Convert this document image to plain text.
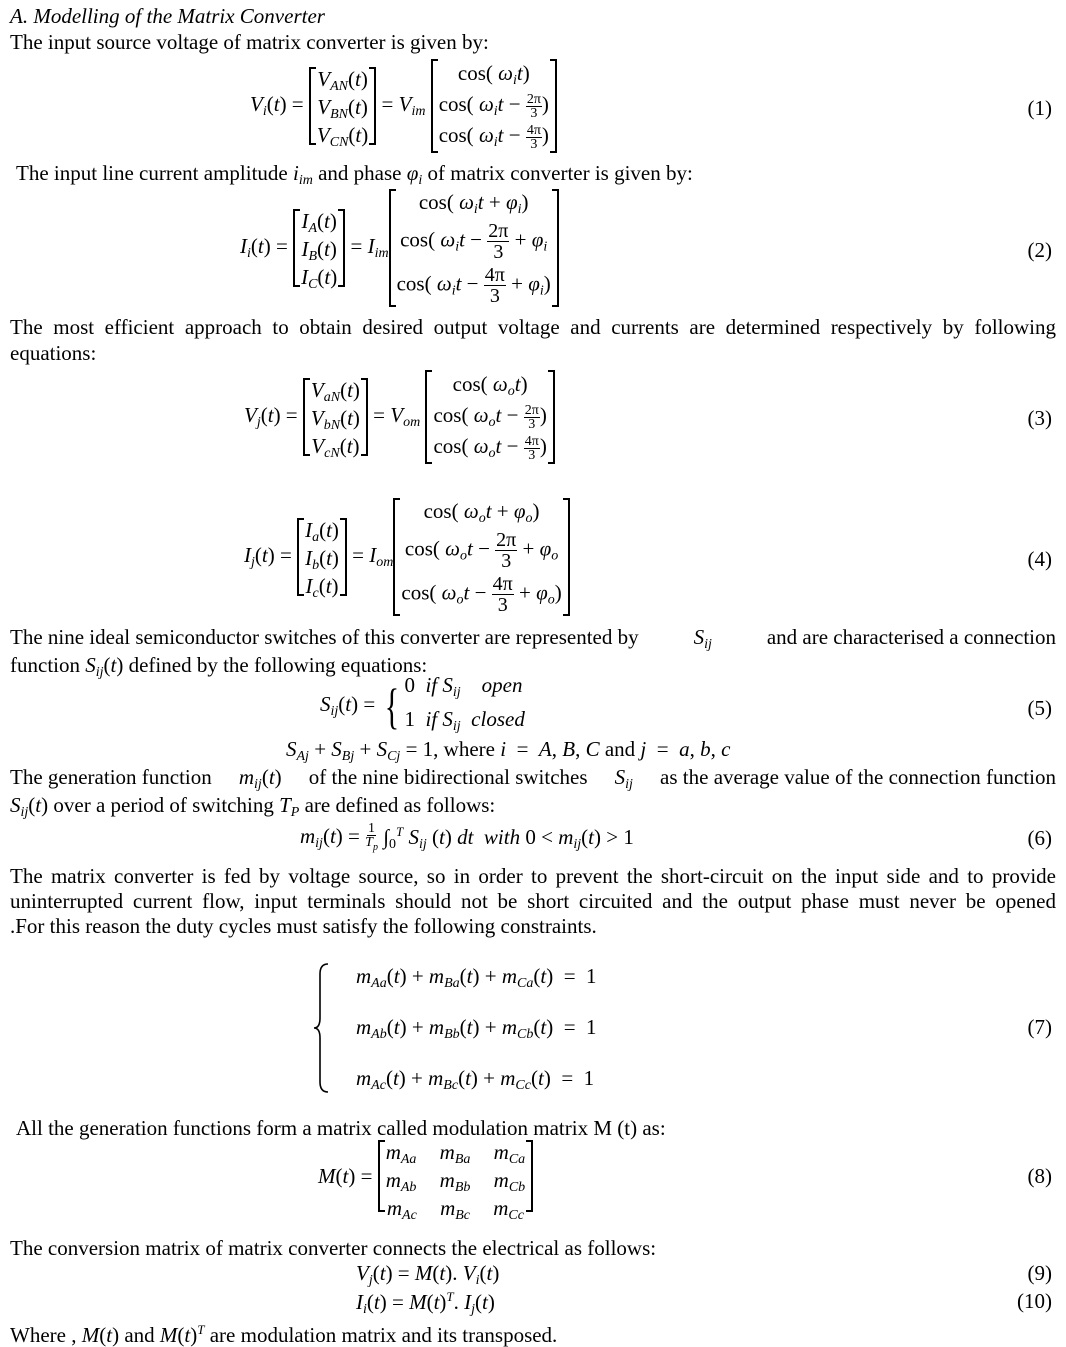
A. Modelling of the Matrix Converter
The input source voltage of matrix converter is given by:
$V_i(t)$ =
$V_{AN}(t)$
$V_{BN}(t)$
$V_{CN}(t)$
= $V_{im}$
cos( $\omega_it$)
cos( $\omega_it - \frac{2\pi}{3}$ )
cos( $\omega_it - \frac{4\pi}{3}$ )
(1)
The input line current amplitude $i_{im}$ and phase $\varphi_i$ of matrix converter is given by:
$I_i(t)$ =
$I_A(t)$
$I_B(t)$
$I_C(t)$
= $I_{im}$
cos( $\omega_it + \varphi_i$)
cos( $\omega_it - \frac{2\pi}{3} + \varphi_i$
cos( $\omega_it - \frac{4\pi}{3} + \varphi_i$)
(2)
The most efficient approach to obtain desired output voltage and currents are determined respectively by following
equations:
$V_j(t)$ =
$V_{aN}(t)$
$V_{bN}(t)$
$V_{cN}(t)$
= $V_{om}$
cos( $\omega_ot$)
cos( $\omega_ot - \frac{2\pi}{3}$ )
cos( $\omega_ot - \frac{4\pi}{3}$ )
(3)
$I_j(t)$ =
$I_a(t)$
$I_b(t)$
$I_c(t)$
= $I_{om}$
cos( $\omega_ot + \varphi_o$)
cos( $\omega_ot - \frac{2\pi}{3} + \varphi_o$
cos( $\omega_ot - \frac{4\pi}{3} + \varphi_o$)
(4)
The nine ideal semiconductor switches of this converter are represented by	$S_{ij}$	and are characterised a connection
function $S_{ij}(t)$ defined by the following equations:
$S_{ij}(t)$ = { 0  if $S_{ij}$ open
1  if $S_{ij}$ closed	(5)
$S_{Aj} + S_{Bj} + S_{Cj} = 1$, where i  =  A, B, C and j  =  a, b, c
The generation function $m_{ij}(t)$ of the nine bidirectional switches $S_{ij}$ as the average value of the connection function
$S_{ij}(t)$ over a period of switching $T_P$ are defined as follows:
$m_{ij}(t) = \frac{1}{T_p} \int_0^T$ $S_{ij}$ (t) dt with $0 < m_{ij}(t) > 1$	(6)
The matrix converter is fed by voltage source, so in order to prevent the short-circuit on the input side and to provide
uninterrupted current flow, input terminals should not be short circuited and the output phase must never be opened
.For this reason the duty cycles must satisfy the following constraints.
$m_{Aa}(t) + m_{Ba}(t) + m_{Ca}(t) = 1$
$m_{Ab}(t) + m_{Bb}(t) + m_{Cb}(t) = 1$
$m_{Ac}(t) + m_{Bc}(t) + m_{Cc}(t) = 1$
(7)
All the generation functions form a matrix called modulation matrix M (t) as:
M(t) =
$m_{Aa}$ $m_{Ba}$ $m_{Ca}$
$m_{Ab}$ $m_{Bb}$ $m_{Cb}$
$m_{Ac}$ $m_{Bc}$ $m_{Cc}$
(8)
The conversion matrix of matrix converter connects the electrical as follows:
$V_j(t) = M(t)$. $V_i(t)$	(9)
$I_i(t) = M(t)^T$. $I_j(t)$	(10)
Where , M(t) and $M(t)^T$ are modulation matrix and its transposed.
